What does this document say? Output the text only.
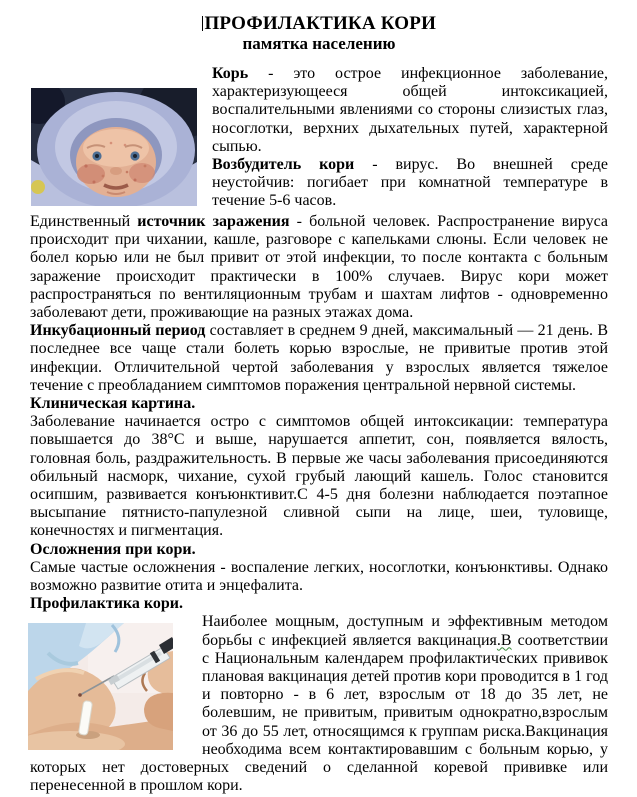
ПРОФИЛАКТИКА КОРИ
памятка населению

Корь - это острое инфекционное заболевание, характеризующееся общей интоксикацией, воспалительными явлениями со стороны слизистых глаз, носоглотки, верхних дыхательных путей, характерной сыпью.

Возбудитель кори - вирус. Во внешней среде неустойчив: погибает при комнатной температуре в течение 5-6 часов.

Единственный источник заражения - больной человек. Распространение вируса происходит при чихании, кашле, разговоре с капельками слюны. Если человек не болел корью или не был привит от этой инфекции, то после контакта с больным заражение происходит практически в 100% случаев. Вирус кори может распространяться по вентиляционным трубам и шахтам лифтов - одновременно заболевают дети, проживающие на разных этажах дома.

Инкубационный период составляет в среднем 9 дней, максимальный — 21 день. В последнее все чаще стали болеть корью взрослые, не привитые против этой инфекции. Отличительной чертой заболевания у взрослых является тяжелое течение с преобладанием симптомов поражения центральной нервной системы.

Клиническая картина.

Заболевание начинается остро с симптомов общей интоксикации: температура повышается до 38°С и выше, нарушается аппетит, сон, появляется вялость, головная боль, раздражительность. В первые же часы заболевания присоединяются обильный насморк, чихание, сухой грубый лающий кашель. Голос становится осипшим, развивается конъюнктивит.С 4-5 дня болезни наблюдается поэтапное высыпание пятнисто-папулезной сливной сыпи на лице, шеи, туловище, конечностях и пигментация.

Осложнения при кори.

Самые частые осложнения - воспаление легких, носоглотки, конъюнктивы. Однако возможно развитие отита и энцефалита.

Профилактика кори.

Наиболее мощным, доступным и эффективным методом борьбы с инфекцией является вакцинация.В соответствии с Национальным календарем профилактических прививок плановая вакцинация детей против кори проводится в 1 год и повторно - в 6 лет, взрослым от 18 до 35 лет, не болевшим, не привитым, привитым однократно,взрослым от 36 до 55 лет, относящимся к группам риска.Вакцинация необходима всем контактировавшим с больным корью, у которых нет достоверных сведений о сделанной коревой прививке или перенесенной в прошлом кори.
